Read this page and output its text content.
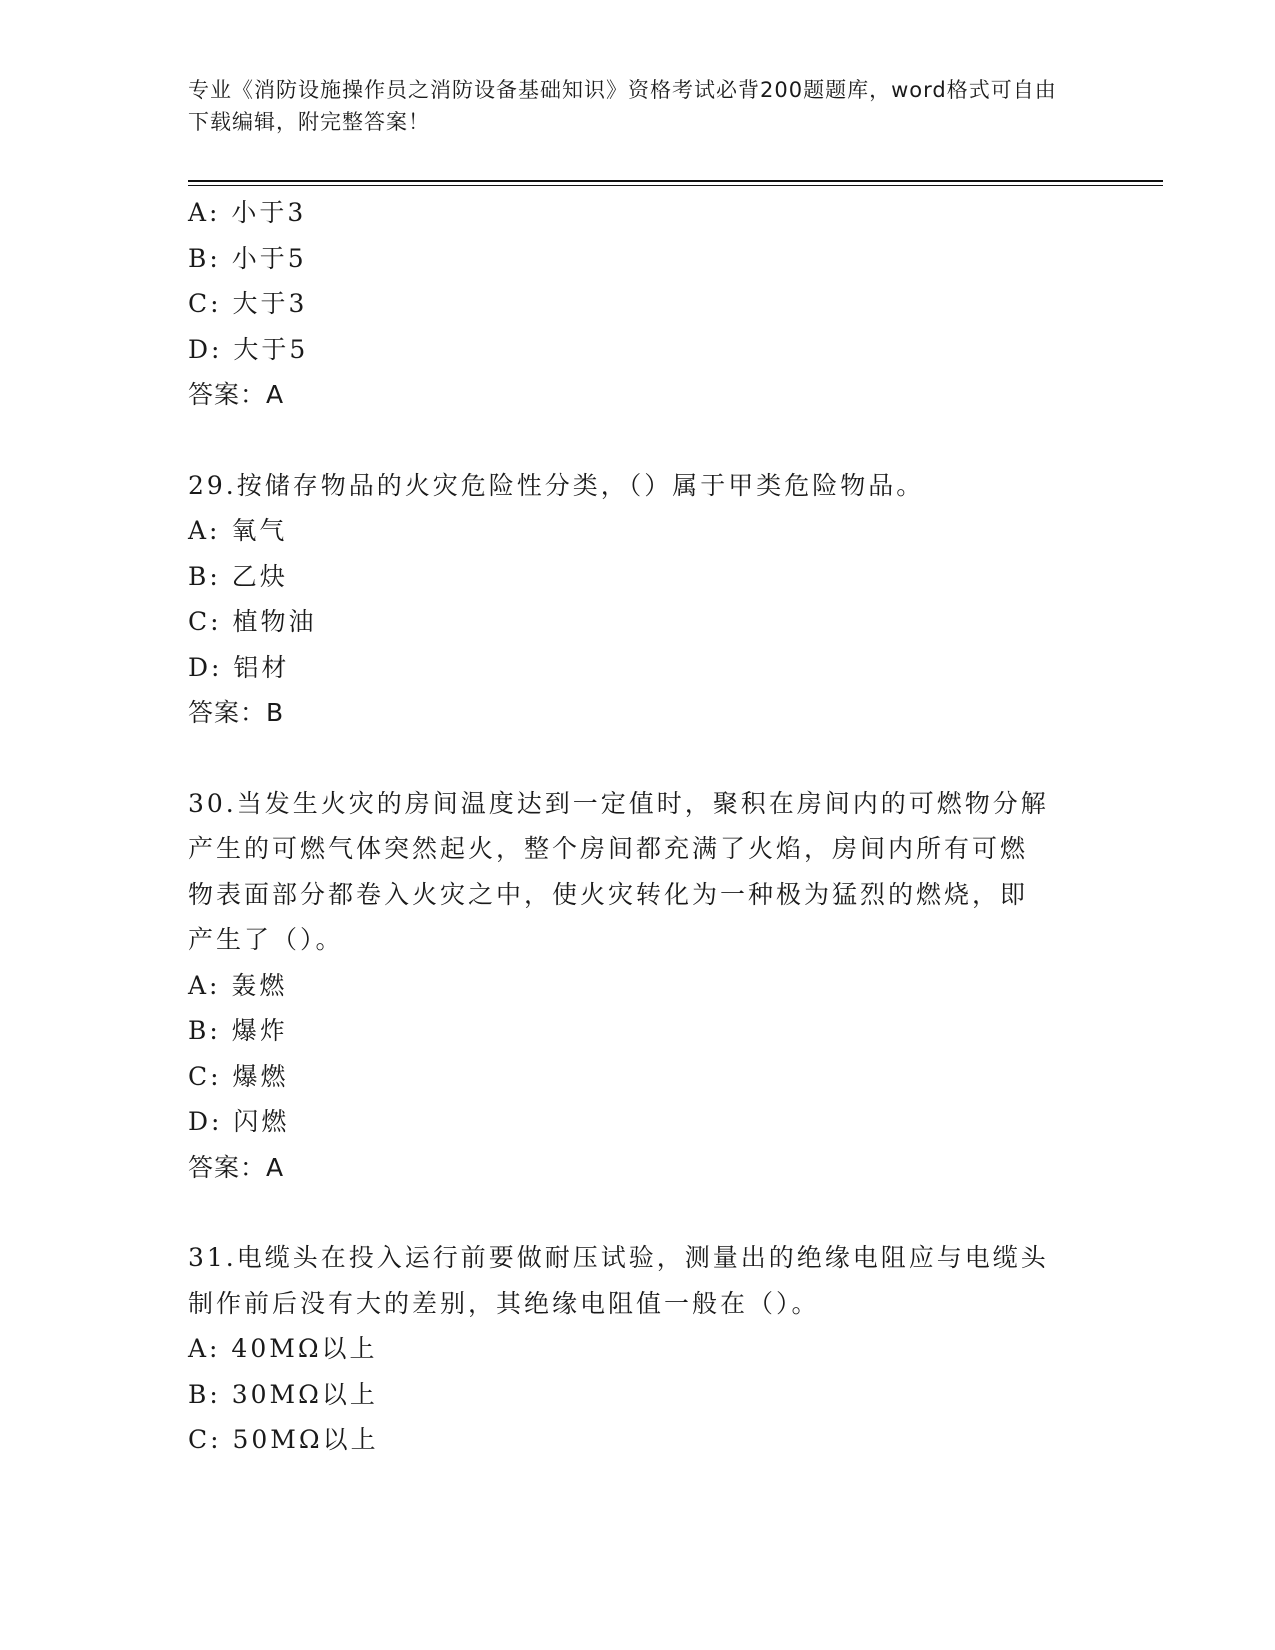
专业《消防设施操作员之消防设备基础知识》资格考试必背200题题库，word格式可自由下载编辑，附完整答案！
A: 小于3
B: 小于5
C: 大于3
D: 大于5
答案：A
29.按储存物品的火灾危险性分类，（）属于甲类危险物品。
A: 氧气
B: 乙炔
C: 植物油
D: 铝材
答案：B
30.当发生火灾的房间温度达到一定值时，聚积在房间内的可燃物分解
产生的可燃气体突然起火，整个房间都充满了火焰，房间内所有可燃
物表面部分都卷入火灾之中，使火灾转化为一种极为猛烈的燃烧，即
产生了（）。
A: 轰燃
B: 爆炸
C: 爆燃
D: 闪燃
答案：A
31.电缆头在投入运行前要做耐压试验，测量出的绝缘电阻应与电缆头
制作前后没有大的差别，其绝缘电阻值一般在（）。
A: 40MΩ以上
B: 30MΩ以上
C: 50MΩ以上
